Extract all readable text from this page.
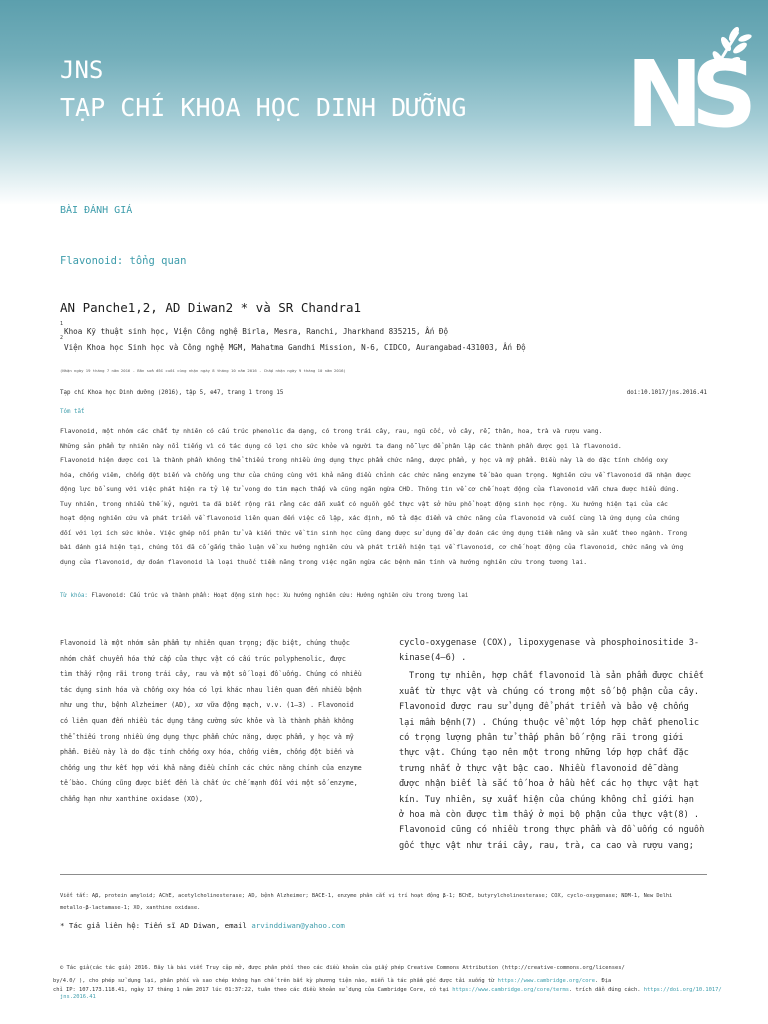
JNS
TẠP CHÍ KHOA HỌC DINH DƯỠNG NS
BÀI ĐÁNH GIÁ
Flavonoid: tổng quan
AN Panche1,2, AD Diwan2 * và SR Chandra1
1
Khoa Kỹ thuật sinh học, Viện Công nghệ Birla, Mesra, Ranchi, Jharkhand 835215, Ấn Độ
2
Viện Khoa học Sinh học và Công nghệ MGM, Mahatma Gandhi Mission, N-6, CIDCO, Aurangabad-431003, Ấn Độ
(Nhận ngày 19 tháng 7 năm 2016 - Bản sửa đổi cuối cùng nhận ngày 8 tháng 10 năm 2016 - Chấp nhận ngày 9 tháng 10 năm 2016)
Tạp chí Khoa học Dinh dưỡng (2016), tập 5, e47, trang 1 trong 15	doi:10.1017/jns.2016.41
Tóm tắt
Flavonoid, một nhóm các chất tự nhiên có cấu trúc phenolic đa dạng, có trong trái cây, rau, ngũ cốc, vỏ cây, rễ, thân, hoa, trà và rượu vang.
Những sản phẩm tự nhiên này nổi tiếng vì có tác dụng có lợi cho sức khỏe và người ta đang nỗ lực để phân lập các thành phần được gọi là flavonoid.
Flavonoid hiện được coi là thành phần không thể thiếu trong nhiều ứng dụng thực phẩm chức năng, dược phẩm, y học và mỹ phẩm. Điều này là do đặc tính chống oxy
hóa, chống viêm, chống đột biến và chống ung thư của chúng cùng với khả năng điều chỉnh các chức năng enzyme tế bào quan trọng. Nghiên cứu về flavonoid đã nhận được
động lực bổ sung với việc phát hiện ra tỷ lệ tử vong do tim mạch thấp và cũng ngăn ngừa CHD. Thông tin về cơ chế hoạt động của flavonoid vẫn chưa được hiểu đúng.
Tuy nhiên, trong nhiều thế kỷ, người ta đã biết rộng rãi rằng các dẫn xuất có nguồn gốc thực vật sở hữu phổ hoạt động sinh học rộng. Xu hướng hiện tại của các
hoạt động nghiên cứu và phát triển về flavonoid liên quan đến việc cô lập, xác định, mô tả đặc điểm và chức năng của flavonoid và cuối cùng là ứng dụng của chúng
đối với lợi ích sức khỏe. Việc ghép nối phân tử và kiến thức về tin sinh học cũng đang được sử dụng để dự đoán các ứng dụng tiềm năng và sản xuất theo ngành. Trong
bài đánh giá hiện tại, chúng tôi đã cố gắng thảo luận về xu hướng nghiên cứu và phát triển hiện tại về flavonoid, cơ chế hoạt động của flavonoid, chức năng và ứng
dụng của flavonoid, dự đoán flavonoid là loại thuốc tiềm năng trong việc ngăn ngừa các bệnh mãn tính và hướng nghiên cứu trong tương lai.
Từ khóa: Flavonoid: Cấu trúc và thành phần: Hoạt động sinh học: Xu hướng nghiên cứu: Hướng nghiên cứu trong tương lai
Flavonoid là một nhóm sản phẩm tự nhiên quan trọng; đặc biệt, chúng thuộc
nhóm chất chuyển hóa thứ cấp của thực vật có cấu trúc polyphenolic, được
tìm thấy rộng rãi trong trái cây, rau và một số loại đồ uống. Chúng có nhiều
tác dụng sinh hóa và chống oxy hóa có lợi khác nhau liên quan đến nhiều bệnh
như ung thư, bệnh Alzheimer (AD), xơ vữa động mạch, v.v. (1–3) . Flavonoid
có liên quan đến nhiều tác dụng tăng cường sức khỏe và là thành phần không
thể thiếu trong nhiều ứng dụng thực phẩm chức năng, dược phẩm, y học và mỹ
phẩm. Điều này là do đặc tính chống oxy hóa, chống viêm, chống đột biến và
chống ung thư kết hợp với khả năng điều chỉnh các chức năng chính của enzyme
tế bào. Chúng cũng được biết đến là chất ức chế mạnh đối với một số enzyme,
chẳng hạn như xanthine oxidase (XO),
cyclo-oxygenase (COX), lipoxygenase và phosphoinositide 3-
kinase(4–6) .
Trong tự nhiên, hợp chất flavonoid là sản phẩm được chiết
xuất từ thực vật và chúng có trong một số bộ phận của cây.
Flavonoid được rau sử dụng để phát triển và bảo vệ chống
lại mầm bệnh(7) . Chúng thuộc về một lớp hợp chất phenolic
có trọng lượng phân tử thấp phân bố rộng rãi trong giới
thực vật. Chúng tạo nên một trong những lớp hợp chất đặc
trưng nhất ở thực vật bậc cao. Nhiều flavonoid dễ dàng
được nhận biết là sắc tố hoa ở hầu hết các họ thực vật hạt
kín. Tuy nhiên, sự xuất hiện của chúng không chỉ giới hạn
ở hoa mà còn được tìm thấy ở mọi bộ phận của thực vật(8) .
Flavonoid cũng có nhiều trong thực phẩm và đồ uống có nguồn
gốc thực vật như trái cây, rau, trà, ca cao và rượu vang;
Viết tắt: Aβ, protein amyloid; AChE, acetylcholinesterase; AD, bệnh Alzheimer; BACE-1, enzyme phân cắt vị trí hoạt động β-1; BChE, butyrylcholinesterase; COX, cyclo-oxygenase; NDM-1, New Delhi
metallo-β-lactamase-1; XO, xanthine oxidase.
* Tác giả liên hệ: Tiến sĩ AD Diwan, email arvinddiwan@yahoo.com
© Tác giả(các tác giả) 2016. Đây là bài viết Truy cập mở, được phân phối theo các điều khoản của giấy phép Creative Commons Attribution (http://creative-commons.org/licenses/
by/4.0/ ), cho phép sử dụng lại, phân phối và sao chép không hạn chế trên bất kỳ phương tiện nào, miễn là tác phẩm gốc được tải xuống từ https://www.cambridge.org/core. Địa
chỉ IP: 107.173.118.41, ngày 17 tháng 1 năm 2017 lúc 01:37:22, tuân theo các điều khoản sử dụng của Cambridge Core, có tại https://www.cambridge.org/core/terms. trích dẫn đúng cách. https://doi.org/10.1017/
jns.2016.41
